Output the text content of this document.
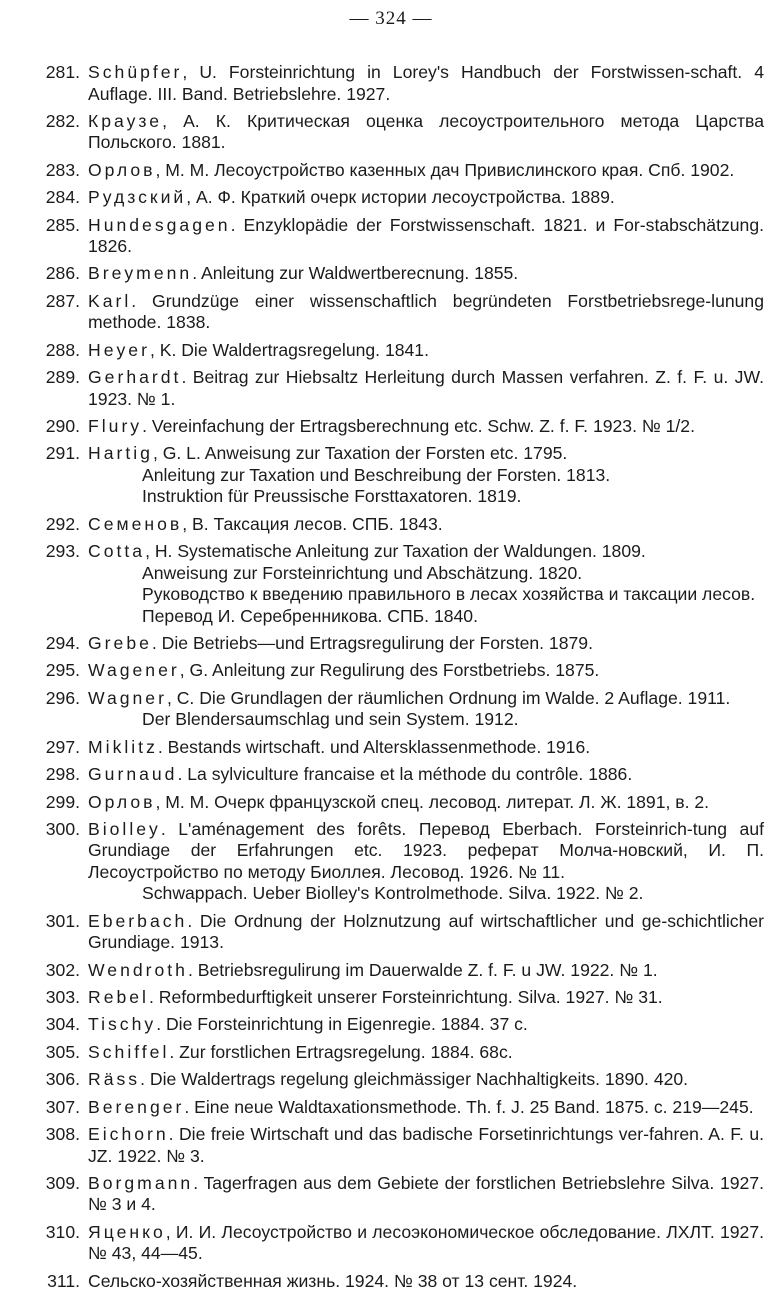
— 324 —
281. Schüpfer, U. Forsteinrichtung in Lorey's Handbuch der Forstwissen-schaft. 4 Auflage. III. Band. Betriebslehre. 1927.
282. Краузе, А. К. Критическая оценка лесоустроительного метода Царства Польского. 1881.
283. Орлов, М. М. Лесоустройство казенных дач Привислинского края. Спб. 1902.
284. Рудзский, А. Ф. Краткий очерк истории лесоустройства. 1889.
285. Hundesgagen. Enzyklopädie der Forstwissenschaft. 1821. и For-stabschätzung. 1826.
286. Breymenn. Anleitung zur Waldwertberecnung. 1855.
287. Karl. Grundzüge einer wissenschaftlich begründeten Forstbetriebsrege-lunung methode. 1838.
288. Heyer, K. Die Waldertragsregelung. 1841.
289. Gerhardt. Beitrag zur Hiebsaltz Herleitung durch Massen verfahren. Z. f. F. u. JW. 1923. № 1.
290. Flury. Vereinfachung der Ertragsberechnung etc. Schw. Z. f. F. 1923. № 1/2.
291. Hartig, G. L. Anweisung zur Taxation der Forsten etc. 1795.
Anleitung zur Taxation und Beschreibung der Forsten. 1813.
Instruktion für Preussische Forsttaxatoren. 1819.
292. Семенов, В. Таксация лесов. СПБ. 1843.
293. Cotta, H. Systematische Anleitung zur Taxation der Waldungen. 1809.
Anweisung zur Forsteinrichtung und Abschätzung. 1820.
Руководство к введению правильного в лесах хозяйства и таксации лесов. Перевод И. Серебренникова. СПБ. 1840.
294. Grebe. Die Betriebs—und Ertragsregulirung der Forsten. 1879.
295. Wagener, G. Anleitung zur Regulirung des Forstbetriebs. 1875.
296. Wagner, C. Die Grundlagen der räumlichen Ordnung im Walde. 2 Auflage. 1911.
Der Blendersaumschlag und sein System. 1912.
297. Miklitz. Bestands wirtschaft. und Altersklassenmethode. 1916.
298. Gurnaud. La sylviculture francaise et la méthode du contrôle. 1886.
299. Орлов, М. М. Очерк французской спец. лесовод. литерат. Л. Ж. 1891, в. 2.
300. Biolley. L'aménagement des forêts. Перевод Eberbach. Forsteinrich-tung auf Grundiage der Erfahrungen etc. 1923. реферат Молча-новский, И. П. Лесоустройство по методу Биоллея. Лесовод. 1926. № 11.
Schwappach. Ueber Biolley's Kontrolmethode. Silva. 1922. № 2.
301. Eberbach. Die Ordnung der Holznutzung auf wirtschaftlicher und ge-schichtlicher Grundiage. 1913.
302. Wendroth. Betriebsregulirung im Dauerwalde Z. f. F. u JW. 1922. № 1.
303. Rebel. Reformbedurftigkeit unserer Forsteinrichtung. Silva. 1927. № 31.
304. Tischy. Die Forsteinrichtung in Eigenregie. 1884. 37 с.
305. Schiffel. Zur forstlichen Ertragsregelung. 1884. 68с.
306. Räss. Die Waldertrags regelung gleichmässiger Nachhaltigkeits. 1890. 420.
307. Berenger. Eine neue Waldtaxationsmethode. Th. f. J. 25 Band. 1875. с. 219—245.
308. Eichorn. Die freie Wirtschaft und das badische Forsetinrichtungs ver-fahren. A. F. u. JZ. 1922. № 3.
309. Borgmann. Tagerfragen aus dem Gebiete der forstlichen Betriebslehre Silva. 1927. № 3 и 4.
310. Яценко, И. И. Лесоустройство и лесоэкономическое обследование. ЛХЛТ. 1927. № 43, 44—45.
311. Сельско-хозяйственная жизнь. 1924. № 38 от 13 сент. 1924.
